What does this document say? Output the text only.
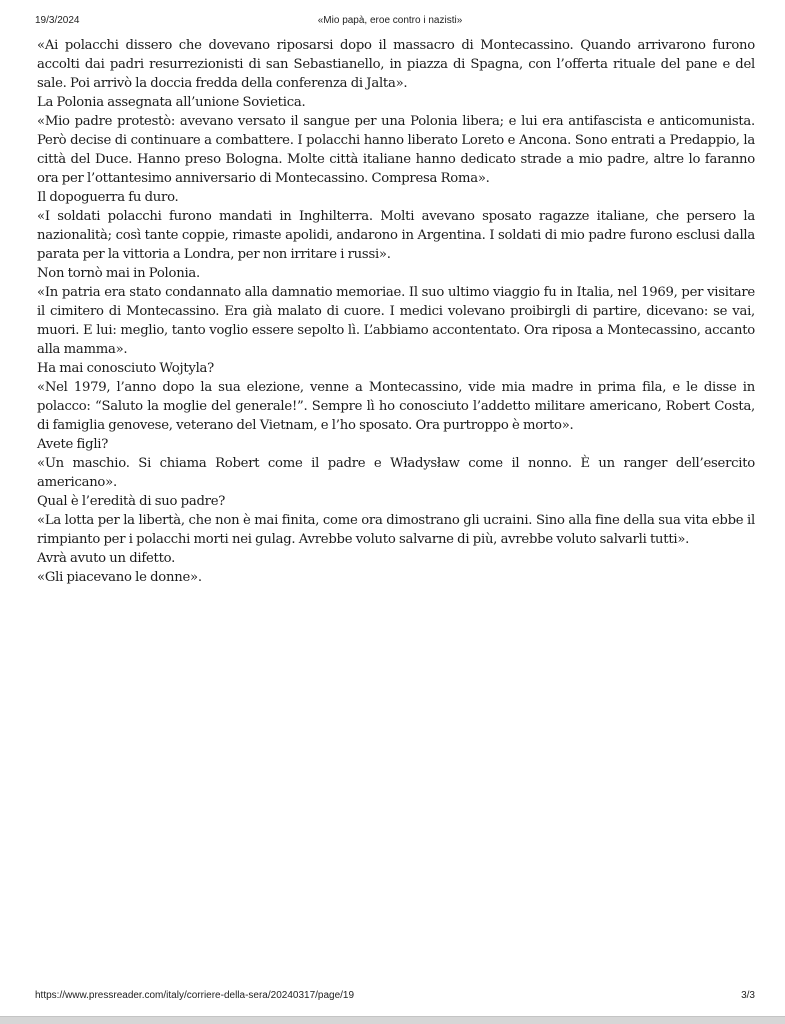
19/3/2024	«Mio papà, eroe contro i nazisti»

«Ai polacchi dissero che dovevano riposarsi dopo il massacro di Montecassino. Quando arrivarono furono accolti dai padri resurrezionisti di san Sebastianello, in piazza di Spagna, con l’offerta rituale del pane e del sale. Poi arrivò la doccia fredda della conferenza di Jalta».

La Polonia assegnata all’unione Sovietica.

«Mio padre protestò: avevano versato il sangue per una Polonia libera; e lui era antifascista e anticomunista. Però decise di continuare a combattere. I polacchi hanno liberato Loreto e Ancona. Sono entrati a Predappio, la città del Duce. Hanno preso Bologna. Molte città italiane hanno dedicato strade a mio padre, altre lo faranno ora per l’ottantesimo anniversario di Montecassino. Compresa Roma».

Il dopoguerra fu duro.

«I soldati polacchi furono mandati in Inghilterra. Molti avevano sposato ragazze italiane, che persero la nazionalità; così tante coppie, rimaste apolidi, andarono in Argentina. I soldati di mio padre furono esclusi dalla parata per la vittoria a Londra, per non irritare i russi».

Non tornò mai in Polonia.

«In patria era stato condannato alla damnatio memoriae. Il suo ultimo viaggio fu in Italia, nel 1969, per visitare il cimitero di Montecassino. Era già malato di cuore. I medici volevano proibirgli di partire, dicevano: se vai, muori. E lui: meglio, tanto voglio essere sepolto lì. L’abbiamo accontentato. Ora riposa a Montecassino, accanto alla mamma».

Ha mai conosciuto Wojtyla?

«Nel 1979, l’anno dopo la sua elezione, venne a Montecassino, vide mia madre in prima fila, e le disse in polacco: “Saluto la moglie del generale!”. Sempre lì ho conosciuto l’addetto militare americano, Robert Costa, di famiglia genovese, veterano del Vietnam, e l’ho sposato. Ora purtroppo è morto».

Avete figli?

«Un maschio. Si chiama Robert come il padre e Władysław come il nonno. È un ranger dell’esercito americano».

Qual è l’eredità di suo padre?

«La lotta per la libertà, che non è mai finita, come ora dimostrano gli ucraini. Sino alla fine della sua vita ebbe il rimpianto per i polacchi morti nei gulag. Avrebbe voluto salvarne di più, avrebbe voluto salvarli tutti».

Avrà avuto un difetto.

«Gli piacevano le donne».

https://www.pressreader.com/italy/corriere-della-sera/20240317/page/19	3/3
